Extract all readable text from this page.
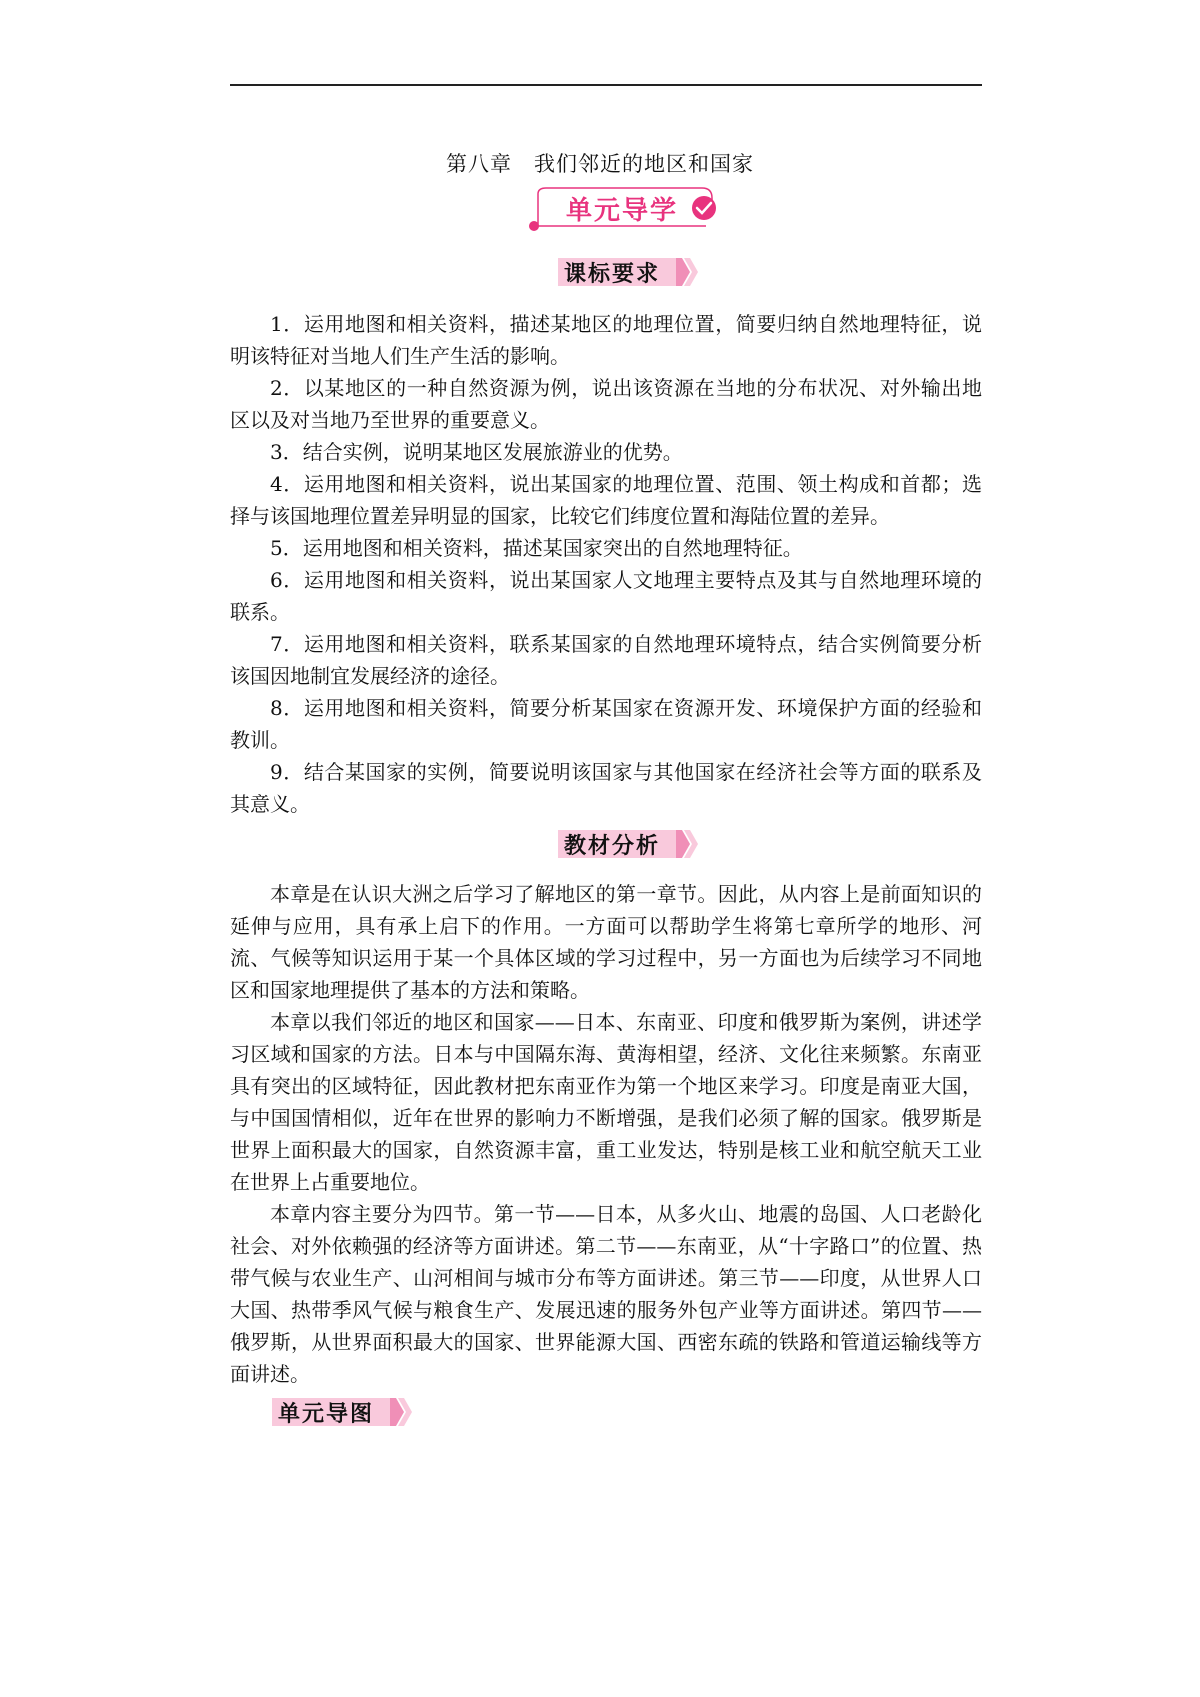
第八章　我们邻近的地区和国家
单元导学
课标要求

1．运用地图和相关资料，描述某地区的地理位置，简要归纳自然地理特征，说明该特征对当地人们生产生活的影响。

2．以某地区的一种自然资源为例，说出该资源在当地的分布状况、对外输出地区以及对当地乃至世界的重要意义。

3．结合实例，说明某地区发展旅游业的优势。

4．运用地图和相关资料，说出某国家的地理位置、范围、领土构成和首都；选择与该国地理位置差异明显的国家，比较它们纬度位置和海陆位置的差异。

5．运用地图和相关资料，描述某国家突出的自然地理特征。

6．运用地图和相关资料，说出某国家人文地理主要特点及其与自然地理环境的联系。

7．运用地图和相关资料，联系某国家的自然地理环境特点，结合实例简要分析该国因地制宜发展经济的途径。

8．运用地图和相关资料，简要分析某国家在资源开发、环境保护方面的经验和教训。

9．结合某国家的实例，简要说明该国家与其他国家在经济社会等方面的联系及其意义。

教材分析

本章是在认识大洲之后学习了解地区的第一章节。因此，从内容上是前面知识的延伸与应用，具有承上启下的作用。一方面可以帮助学生将第七章所学的地形、河流、气候等知识运用于某一个具体区域的学习过程中，另一方面也为后续学习不同地区和国家地理提供了基本的方法和策略。

本章以我们邻近的地区和国家——日本、东南亚、印度和俄罗斯为案例，讲述学习区域和国家的方法。日本与中国隔东海、黄海相望，经济、文化往来频繁。东南亚具有突出的区域特征，因此教材把东南亚作为第一个地区来学习。印度是南亚大国，与中国国情相似，近年在世界的影响力不断增强，是我们必须了解的国家。俄罗斯是世界上面积最大的国家，自然资源丰富，重工业发达，特别是核工业和航空航天工业在世界上占重要地位。

本章内容主要分为四节。第一节——日本，从多火山、地震的岛国、人口老龄化社会、对外依赖强的经济等方面讲述。第二节——东南亚，从“十字路口”的位置、热带气候与农业生产、山河相间与城市分布等方面讲述。第三节——印度，从世界人口大国、热带季风气候与粮食生产、发展迅速的服务外包产业等方面讲述。第四节——俄罗斯，从世界面积最大的国家、世界能源大国、西密东疏的铁路和管道运输线等方面讲述。

单元导图
